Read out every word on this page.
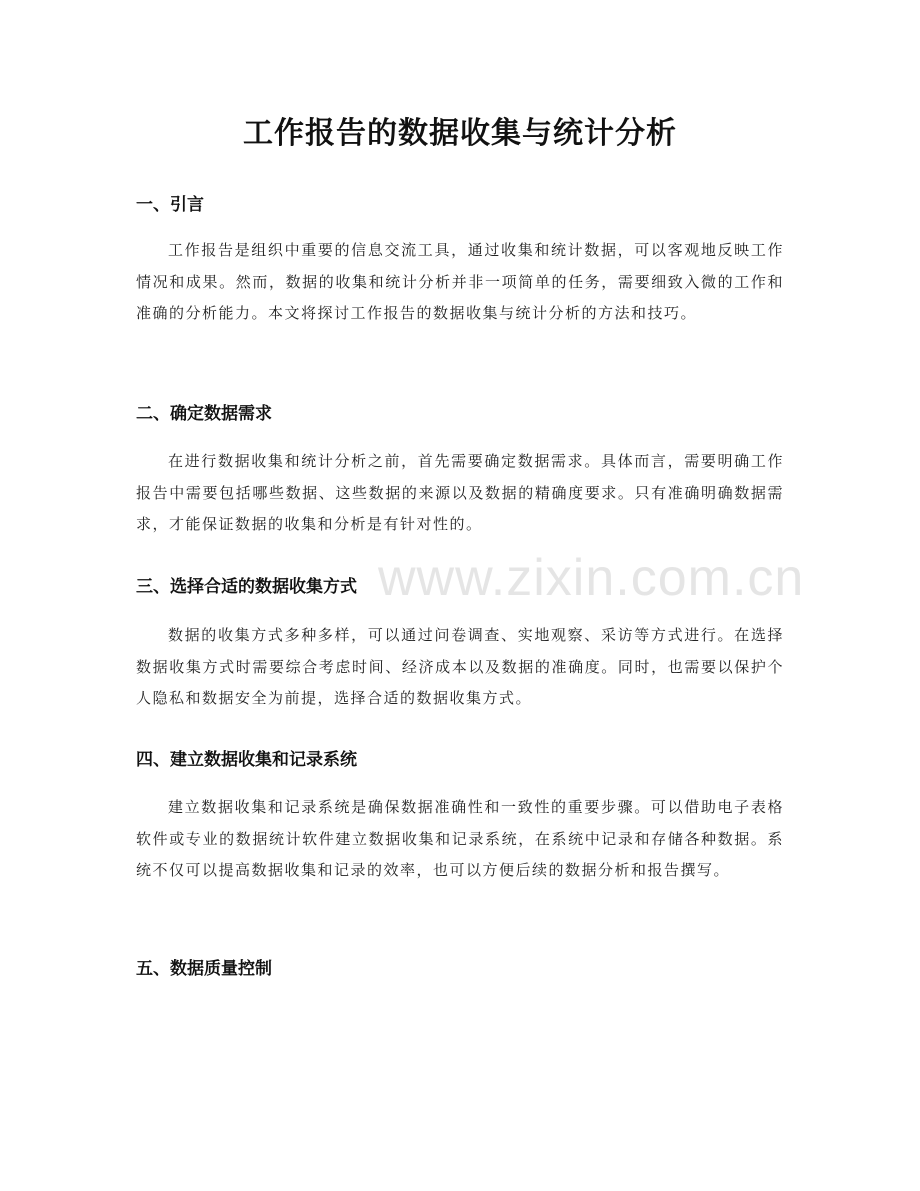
工作报告的数据收集与统计分析
一、引言

工作报告是组织中重要的信息交流工具，通过收集和统计数据，可以客观地反映工作情况和成果。然而，数据的收集和统计分析并非一项简单的任务，需要细致入微的工作和准确的分析能力。本文将探讨工作报告的数据收集与统计分析的方法和技巧。

二、确定数据需求

在进行数据收集和统计分析之前，首先需要确定数据需求。具体而言，需要明确工作报告中需要包括哪些数据、这些数据的来源以及数据的精确度要求。只有准确明确数据需求，才能保证数据的收集和分析是有针对性的。

三、选择合适的数据收集方式

数据的收集方式多种多样，可以通过问卷调查、实地观察、采访等方式进行。在选择数据收集方式时需要综合考虑时间、经济成本以及数据的准确度。同时，也需要以保护个人隐私和数据安全为前提，选择合适的数据收集方式。

四、建立数据收集和记录系统

建立数据收集和记录系统是确保数据准确性和一致性的重要步骤。可以借助电子表格软件或专业的数据统计软件建立数据收集和记录系统，在系统中记录和存储各种数据。系统不仅可以提高数据收集和记录的效率，也可以方便后续的数据分析和报告撰写。

五、数据质量控制
www.zixin.com.cn
